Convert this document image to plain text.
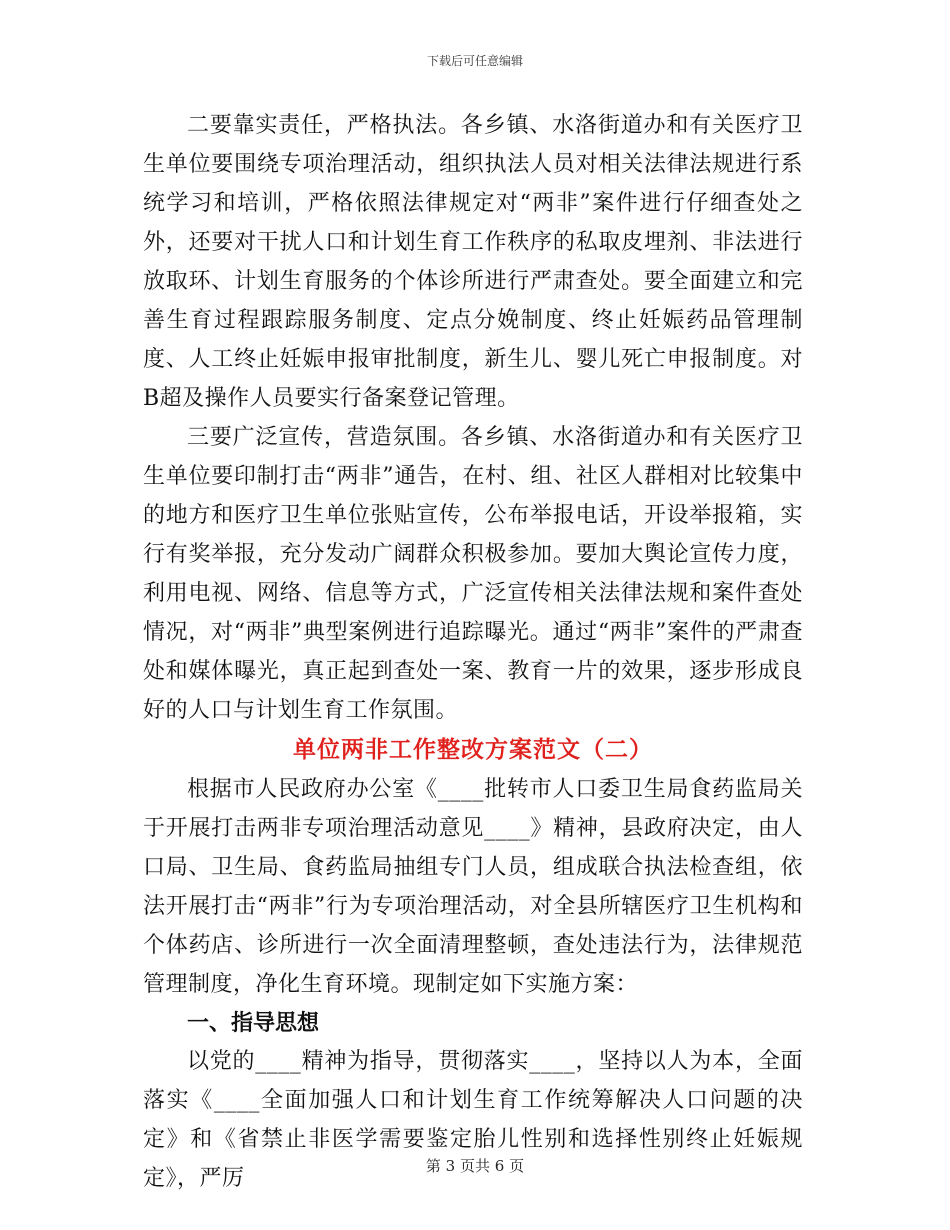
下载后可任意编辑

二要靠实责任，严格执法。各乡镇、水洛街道办和有关医疗卫生单位要围绕专项治理活动，组织执法人员对相关法律法规进行系统学习和培训，严格依照法律规定对“两非”案件进行仔细查处之外，还要对干扰人口和计划生育工作秩序的私取皮埋剂、非法进行放取环、计划生育服务的个体诊所进行严肃查处。要全面建立和完善生育过程跟踪服务制度、定点分娩制度、终止妊娠药品管理制度、人工终止妊娠申报审批制度，新生儿、婴儿死亡申报制度。对B超及操作人员要实行备案登记管理。

三要广泛宣传，营造氛围。各乡镇、水洛街道办和有关医疗卫生单位要印制打击“两非”通告，在村、组、社区人群相对比较集中的地方和医疗卫生单位张贴宣传，公布举报电话，开设举报箱，实行有奖举报，充分发动广阔群众积极参加。要加大舆论宣传力度，利用电视、网络、信息等方式，广泛宣传相关法律法规和案件查处情况，对“两非”典型案例进行追踪曝光。通过“两非”案件的严肃查处和媒体曝光，真正起到查处一案、教育一片的效果，逐步形成良好的人口与计划生育工作氛围。

单位两非工作整改方案范文（二）

根据市人民政府办公室《____批转市人口委卫生局食药监局关于开展打击两非专项治理活动意见____》精神，县政府决定，由人口局、卫生局、食药监局抽组专门人员，组成联合执法检查组，依法开展打击“两非”行为专项治理活动，对全县所辖医疗卫生机构和个体药店、诊所进行一次全面清理整顿，查处违法行为，法律规范管理制度，净化生育环境。现制定如下实施方案：

一、指导思想

以党的____精神为指导，贯彻落实____，坚持以人为本，全面落实《____全面加强人口和计划生育工作统筹解决人口问题的决定》和《省禁止非医学需要鉴定胎儿性别和选择性别终止妊娠规定》，严厉	第 3 页共 6 页
